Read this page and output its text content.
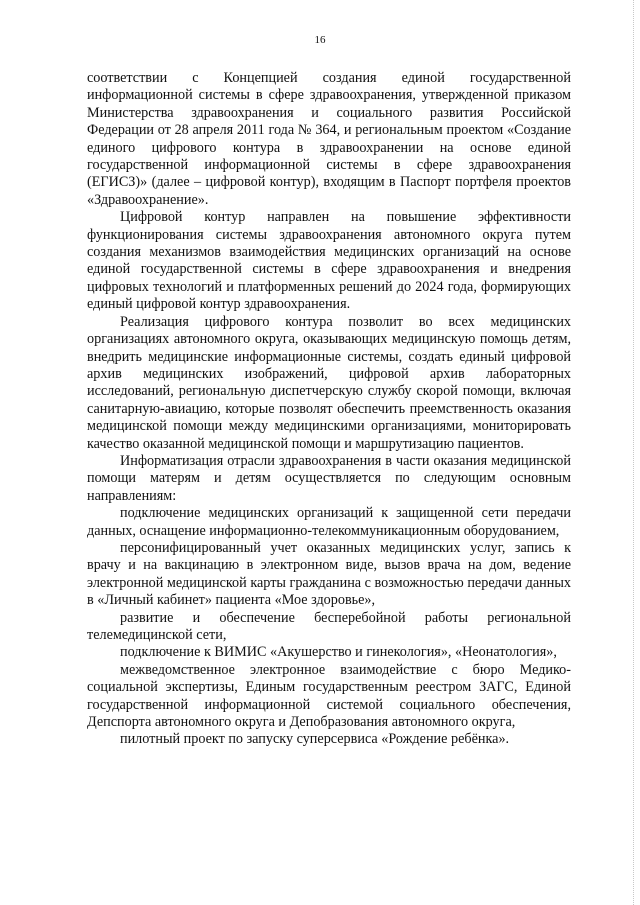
16

соответствии с Концепцией создания единой государственной информационной системы в сфере здравоохранения, утвержденной приказом Министерства здравоохранения и социального развития Российской Федерации от 28 апреля 2011 года № 364, и региональным проектом «Создание единого цифрового контура в здравоохранении на основе единой государственной информационной системы в сфере здравоохранения (ЕГИСЗ)» (далее – цифровой контур), входящим в Паспорт портфеля проектов «Здравоохранение».

Цифровой контур направлен на повышение эффективности функционирования системы здравоохранения автономного округа путем создания механизмов взаимодействия медицинских организаций на основе единой государственной системы в сфере здравоохранения и внедрения цифровых технологий и платформенных решений до 2024 года, формирующих единый цифровой контур здравоохранения.

Реализация цифрового контура позволит во всех медицинских организациях автономного округа, оказывающих медицинскую помощь детям, внедрить медицинские информационные системы, создать единый цифровой архив медицинских изображений, цифровой архив лабораторных исследований, региональную диспетчерскую службу скорой помощи, включая санитарную-авиацию, которые позволят обеспечить преемственность оказания медицинской помощи между медицинскими организациями, мониторировать качество оказанной медицинской помощи и маршрутизацию пациентов.

Информатизация отрасли здравоохранения в части оказания медицинской помощи матерям и детям осуществляется по следующим основным направлениям:

подключение медицинских организаций к защищенной сети передачи данных, оснащение информационно-телекоммуникационным оборудованием,

персонифицированный учет оказанных медицинских услуг, запись к врачу и на вакцинацию в электронном виде, вызов врача на дом, ведение электронной медицинской карты гражданина с возможностью передачи данных в «Личный кабинет» пациента «Мое здоровье»,

развитие и обеспечение бесперебойной работы региональной телемедицинской сети,

подключение к ВИМИС «Акушерство и гинекология», «Неонатология»,

межведомственное электронное взаимодействие с бюро Медико-социальной экспертизы, Единым государственным реестром ЗАГС, Единой государственной информационной системой социального обеспечения, Депспорта автономного округа и Депобразования автономного округа,

пилотный проект по запуску суперсервиса «Рождение ребёнка».
